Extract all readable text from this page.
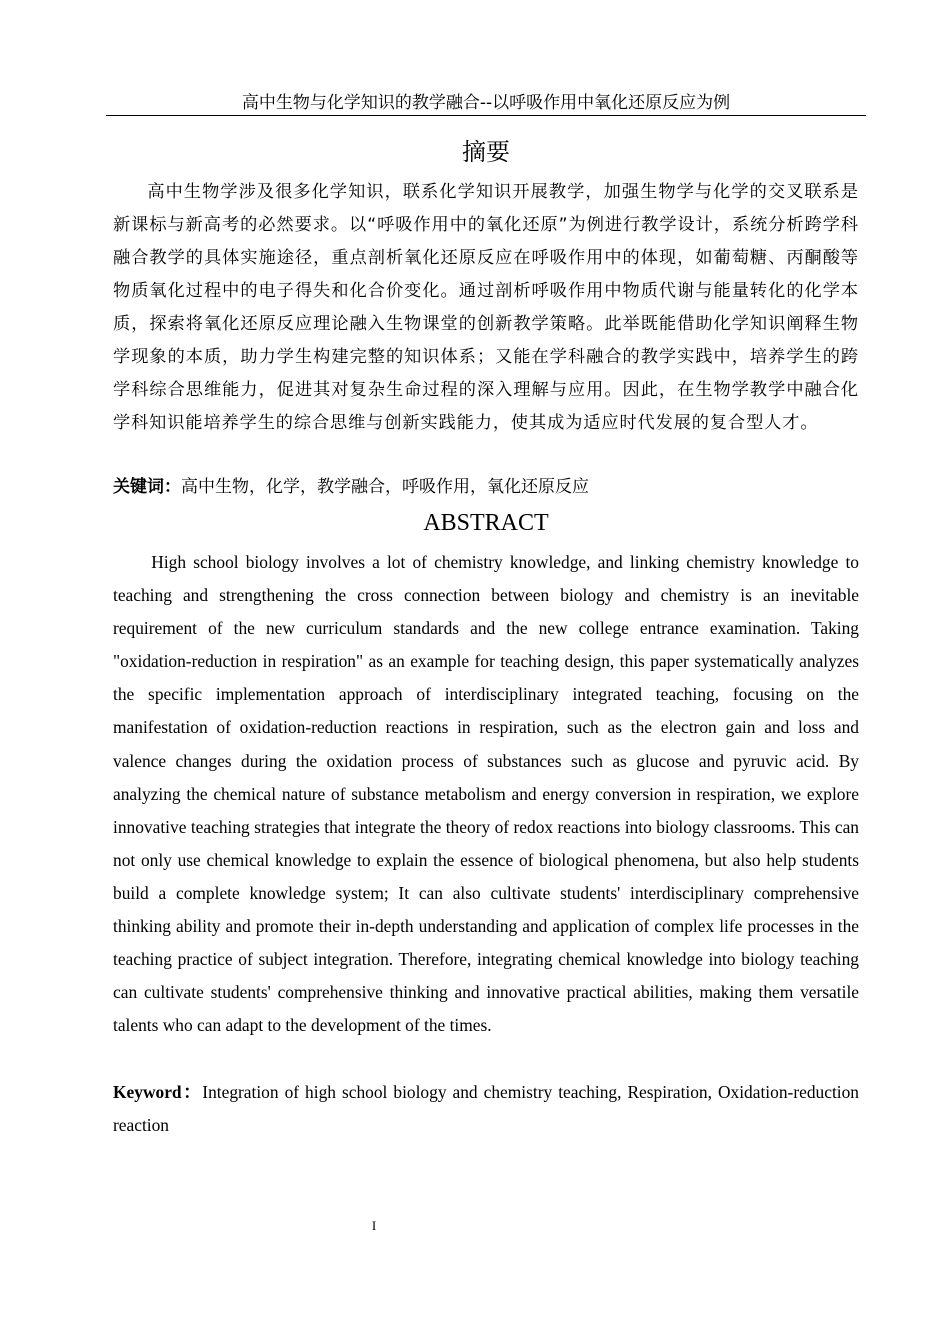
高中生物与化学知识的教学融合--以呼吸作用中氧化还原反应为例
摘要
高中生物学涉及很多化学知识，联系化学知识开展教学，加强生物学与化学的交叉联系是新课标与新高考的必然要求。以“呼吸作用中的氧化还原”为例进行教学设计，系统分析跨学科融合教学的具体实施途径，重点剖析氧化还原反应在呼吸作用中的体现，如葡萄糖、丙酮酸等物质氧化过程中的电子得失和化合价变化。通过剖析呼吸作用中物质代谢与能量转化的化学本质，探索将氧化还原反应理论融入生物课堂的创新教学策略。此举既能借助化学知识阐释生物学现象的本质，助力学生构建完整的知识体系；又能在学科融合的教学实践中，培养学生的跨学科综合思维能力，促进其对复杂生命过程的深入理解与应用。因此，在生物学教学中融合化学科知识能培养学生的综合思维与创新实践能力，使其成为适应时代发展的复合型人才。
关键词：高中生物，化学，教学融合，呼吸作用，氧化还原反应
ABSTRACT
High school biology involves a lot of chemistry knowledge, and linking chemistry knowledge to teaching and strengthening the cross connection between biology and chemistry is an inevitable requirement of the new curriculum standards and the new college entrance examination. Taking "oxidation-reduction in respiration" as an example for teaching design, this paper systematically analyzes the specific implementation approach of interdisciplinary integrated teaching, focusing on the manifestation of oxidation-reduction reactions in respiration, such as the electron gain and loss and valence changes during the oxidation process of substances such as glucose and pyruvic acid. By analyzing the chemical nature of substance metabolism and energy conversion in respiration, we explore innovative teaching strategies that integrate the theory of redox reactions into biology classrooms. This can not only use chemical knowledge to explain the essence of biological phenomena, but also help students build a complete knowledge system; It can also cultivate students' interdisciplinary comprehensive thinking ability and promote their in-depth understanding and application of complex life processes in the teaching practice of subject integration. Therefore, integrating chemical knowledge into biology teaching can cultivate students' comprehensive thinking and innovative practical abilities, making them versatile talents who can adapt to the development of the times.
Keyword：Integration of high school biology and chemistry teaching, Respiration, Oxidation-reduction reaction
I
